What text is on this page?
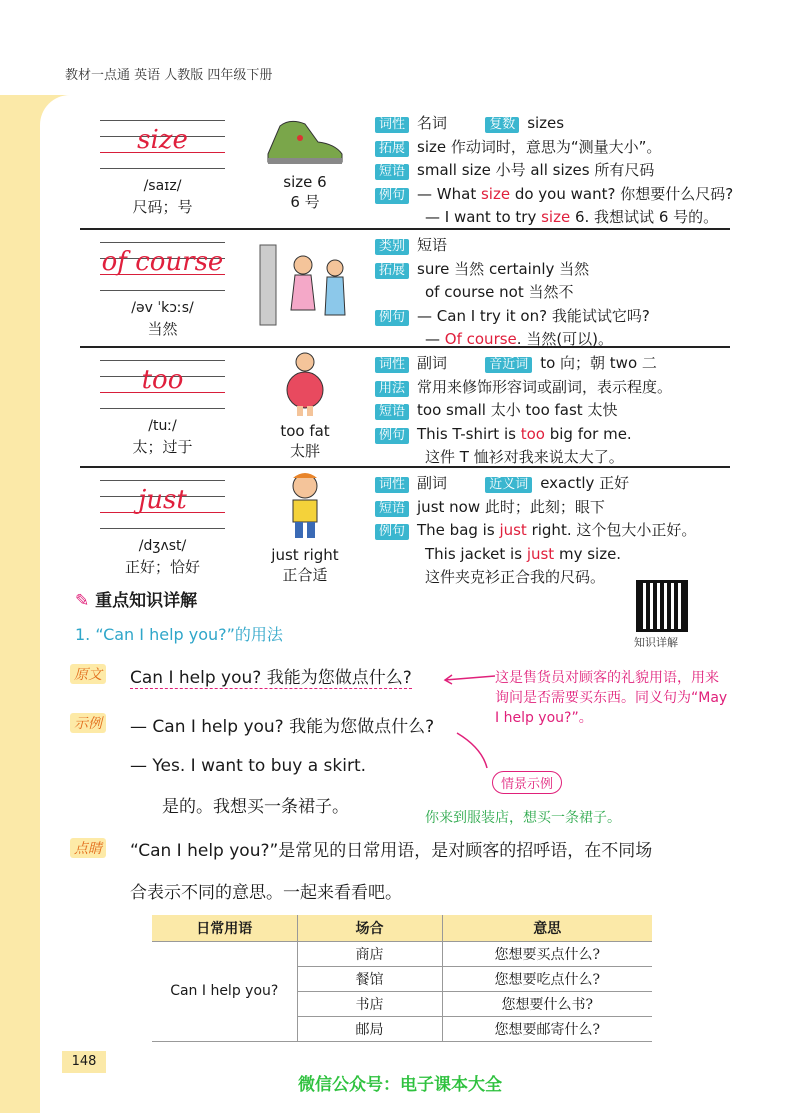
教材一点通 英语 人教版 四年级下册
size
/saɪz/
尺码；号
size 6
6 号
词性 名词	复数 sizes
拓展 size 作动词时，意思为“测量大小”。
短语 small size 小号 all sizes 所有尺码
例句 — What size do you want? 你想要什么尺码?
— I want to try size 6. 我想试试 6 号的。
of course
/əv ˈkɔːs/
当然
类别 短语
拓展 sure 当然 certainly 当然
of course not 当然不
例句 — Can I try it on? 我能试试它吗?
— Of course. 当然(可以)。
too
/tuː/
太；过于
too fat
太胖
词性 副词	音近词 to 向；朝 two 二
用法 常用来修饰形容词或副词，表示程度。
短语 too small 太小 too fast 太快
例句 This T-shirt is too big for me.
这件 T 恤衫对我来说太大了。
just
/dʒʌst/
正好；恰好
just right
正合适
词性 副词	近义词 exactly 正好
短语 just now 此时；此刻；眼下
例句 The bag is just right. 这个包大小正好。
This jacket is just my size.
这件夹克衫正合我的尺码。
✎ 重点知识详解
知识详解
1. “Can I help you?”的用法
原文 Can I help you? 我能为您做点什么?
示例 — Can I help you? 我能为您做点什么?
— Yes. I want to buy a skirt.
是的。我想买一条裙子。
这是售货员对顾客的礼貌用语，用来询问是否需要买东西。同义句为“May I help you?”。
情景示例
你来到服装店，想买一条裙子。
点睛 “Can I help you?”是常见的日常用语，是对顾客的招呼语，在不同场
合表示不同的意思。一起来看看吧。
日常用语	场合	意思
Can I help you?	商店	您想要买点什么?
	餐馆	您想要吃点什么?
	书店	您想要什么书?
	邮局	您想要邮寄什么?
148
微信公众号：电子课本大全
